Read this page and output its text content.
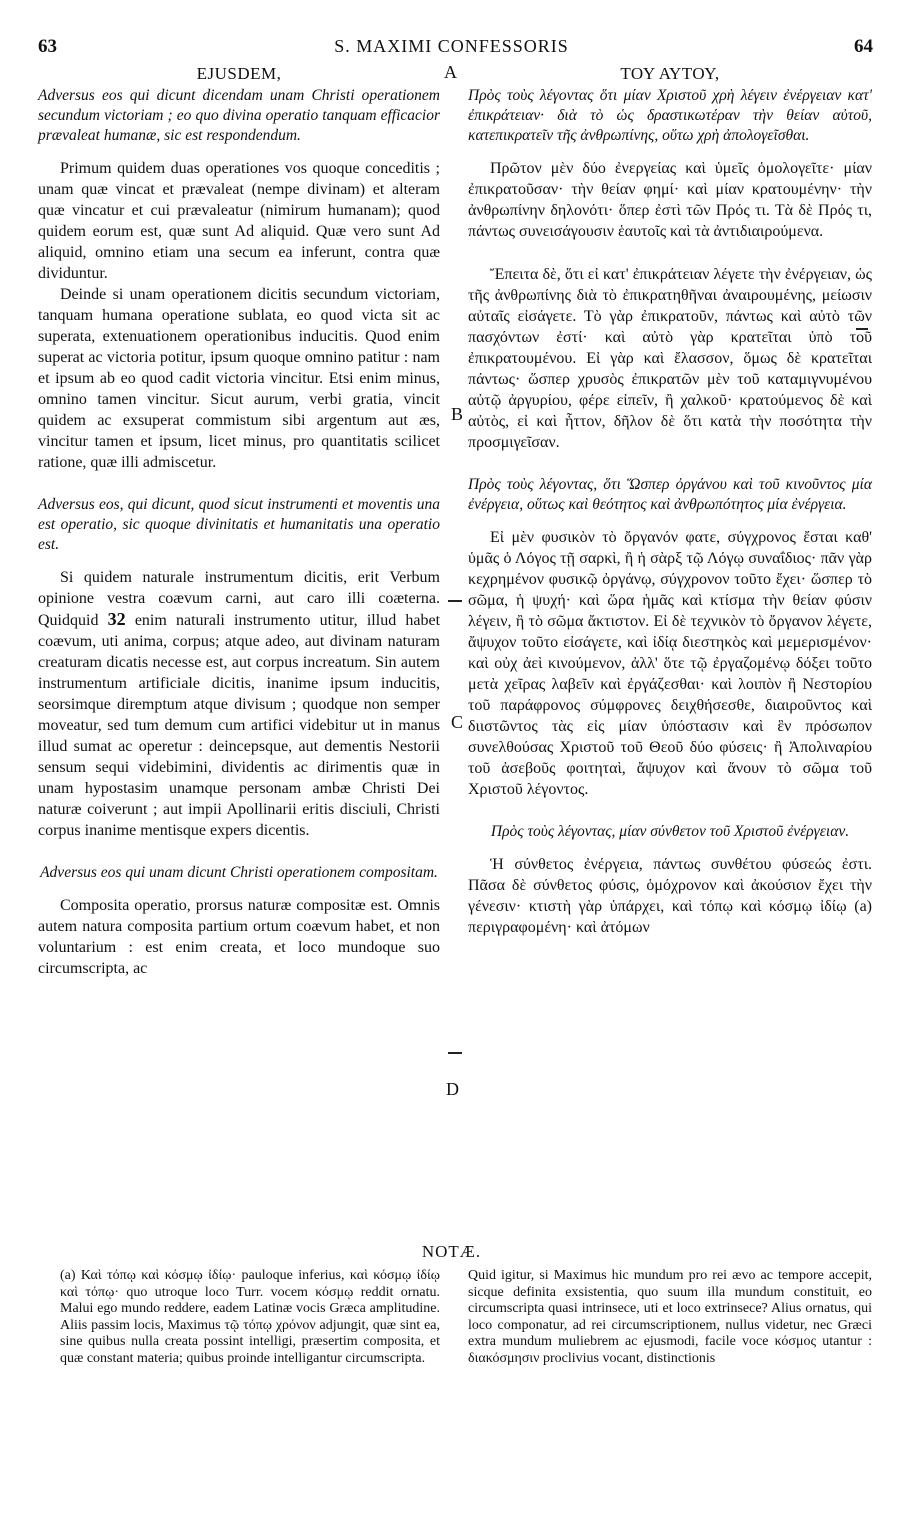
63	S. MAXIMI CONFESSORIS	64
A
B
C
D
EJUSDEM,

Adversus eos qui dicunt dicendam unam Christi operationem secundum victoriam ; eo quo divina operatio tanquam efficacior prævaleat humanæ, sic est respondendum.

Primum quidem duas operationes vos quoque conceditis ; unam quæ vincat et prævaleat (nempe divinam) et alteram quæ vincatur et cui prævaleatur (nimirum humanam); quod quidem eorum est, quæ sunt Ad aliquid. Quæ vero sunt Ad aliquid, omnino etiam una secum ea inferunt, contra quæ dividuntur.

Deinde si unam operationem dicitis secundum victoriam, tanquam humana operatione sublata, eo quod victa sit ac superata, extenuationem operationibus inducitis. Quod enim superat ac victoria potitur, ipsum quoque omnino patitur : nam et ipsum ab eo quod cadit victoria vincitur. Etsi enim minus, omnino tamen vincitur. Sicut aurum, verbi gratia, vincit quidem ac exsuperat commistum sibi argentum aut æs, vincitur tamen et ipsum, licet minus, pro quantitatis scilicet ratione, quæ illi admiscetur.

Adversus eos, qui dicunt, quod sicut instrumenti et moventis una est operatio, sic quoque divinitatis et humanitatis una operatio est.

Si quidem naturale instrumentum dicitis, erit Verbum opinione vestra coævum carni, aut caro illi coæterna. Quidquid 32 enim naturali instrumento utitur, illud habet coævum, uti anima, corpus; atque adeo, aut divinam naturam creaturam dicatis necesse est, aut corpus increatum. Sin autem instrumentum artificiale dicitis, inanime ipsum inducitis, seorsimque diremptum atque divisum ; quodque non semper moveatur, sed tum demum cum artifici videbitur ut in manus illud sumat ac operetur : deincepsque, aut dementis Nestorii sensum sequi videbimini, dividentis ac dirimentis quæ in unam hypostasim unamque personam ambæ Christi Dei naturæ coiverunt ; aut impii Apollinarii eritis disciuli, Christi corpus inanime mentisque expers dicentis.

Adversus eos qui unam dicunt Christi operationem compositam.

Composita operatio, prorsus naturæ compositæ est. Omnis autem natura composita partium ortum coævum habet, et non voluntarium : est enim creata, et loco mundoque suo circumscripta, ac

ΤΟΥ ΑΥΤΟΥ,

Πρὸς τοὺς λέγοντας ὅτι μίαν Χριστοῦ χρὴ λέγειν ἐνέργειαν κατ' ἐπικράτειαν· διὰ τὸ ὡς δραστικωτέραν τὴν θείαν αὐτοῦ, κατεπικρατεῖν τῆς ἀνθρωπίνης, οὕτω χρὴ ἀπολογεῖσθαι.

Πρῶτον μὲν δύο ἐνεργείας καὶ ὑμεῖς ὁμολογεῖτε· μίαν ἐπικρατοῦσαν· τὴν θείαν φημί· καὶ μίαν κρατουμένην· τὴν ἀνθρωπίνην δηλονότι· ὅπερ ἐστὶ τῶν Πρός τι. Τὰ δὲ Πρός τι, πάντως συνεισάγουσιν ἑαυτοῖς καὶ τὰ ἀντιδιαιρούμενα.

Ἔπειτα δὲ, ὅτι εἰ κατ' ἐπικράτειαν λέγετε τὴν ἐνέργειαν, ὡς τῆς ἀνθρωπίνης διὰ τὸ ἐπικρατηθῆναι ἀναιρουμένης, μείωσιν αὐταῖς εἰσάγετε. Τὸ γὰρ ἐπικρατοῦν, πάντως καὶ αὐτὸ τῶν πασχόντων ἐστί· καὶ αὐτὸ γὰρ κρατεῖται ὑπὸ τοῦ ἐπικρατουμένου. Εἰ γὰρ καὶ ἔλασσον, ὅμως δὲ κρατεῖται πάντως· ὥσπερ χρυσὸς ἐπικρατῶν μὲν τοῦ καταμιγνυμένου αὐτῷ ἀργυρίου, φέρε εἰπεῖν, ἢ χαλκοῦ· κρατούμενος δὲ καὶ αὐτὸς, εἰ καὶ ἧττον, δῆλον δὲ ὅτι κατὰ τὴν ποσότητα τὴν προσμιγεῖσαν.

Πρὸς τοὺς λέγοντας, ὅτι Ὥσπερ ὀργάνου καὶ τοῦ κινοῦντος μία ἐνέργεια, οὕτως καὶ θεότητος καὶ ἀνθρωπότητος μία ἐνέργεια.

Εἰ μὲν φυσικὸν τὸ ὄργανόν φατε, σύγχρονος ἔσται καθ' ὑμᾶς ὁ Λόγος τῇ σαρκὶ, ἢ ἡ σὰρξ τῷ Λόγῳ συναΐδιος· πᾶν γὰρ κεχρημένον φυσικῷ ὀργάνῳ, σύγχρονον τοῦτο ἔχει· ὥσπερ τὸ σῶμα, ἡ ψυχή· καὶ ὥρα ἡμᾶς καὶ κτίσμα τὴν θείαν φύσιν λέγειν, ἢ τὸ σῶμα ἄκτιστον. Εἰ δὲ τεχνικὸν τὸ ὄργανον λέγετε, ἄψυχον τοῦτο εἰσάγετε, καὶ ἰδίᾳ διεστηκὸς καὶ μεμερισμένον· καὶ οὐχ ἀεὶ κινούμενον, ἀλλ' ὅτε τῷ ἐργαζομένῳ δόξει τοῦτο μετὰ χεῖρας λαβεῖν καὶ ἐργάζεσθαι· καὶ λοιπὸν ἢ Νεστορίου τοῦ παράφρονος σύμφρονες δειχθήσεσθε, διαιροῦντος καὶ διιστῶντος τὰς εἰς μίαν ὑπόστασιν καὶ ἓν πρόσωπον συνελθούσας Χριστοῦ τοῦ Θεοῦ δύο φύσεις· ἢ Ἀπολιναρίου τοῦ ἀσεβοῦς φοιτηταὶ, ἄψυχον καὶ ἄνουν τὸ σῶμα τοῦ Χριστοῦ λέγοντος.

Πρὸς τοὺς λέγοντας, μίαν σύνθετον τοῦ Χριστοῦ ἐνέργειαν.

Ἡ σύνθετος ἐνέργεια, πάντως συνθέτου φύσεώς ἐστι. Πᾶσα δὲ σύνθετος φύσις, ὁμόχρονον καὶ ἀκούσιον ἔχει τὴν γένεσιν· κτιστὴ γὰρ ὑπάρχει, καὶ τόπῳ καὶ κόσμῳ ἰδίῳ (a) περιγραφομένη· καὶ ἀτόμων

NOTÆ.
(a) Καὶ τόπῳ καὶ κόσμῳ ἰδίῳ· pauloque inferius, καὶ κόσμῳ ἰδίῳ καὶ τόπῳ· quo utroque loco Turr. vocem κόσμῳ reddit ornatu. Malui ego mundo reddere, eadem Latinæ vocis Græca amplitudine. Aliis passim locis, Maximus τῷ τόπῳ χρόνον adjungit, quæ sint ea, sine quibus nulla creata possint intelligi, præsertim composita, et quæ constant materia; quibus proinde intelligantur circumscripta.
Quid igitur, si Maximus hic mundum pro rei ævo ac tempore accepit, sicque definita exsistentia, quo suum illa mundum constituit, eo circumscripta quasi intrinsece, uti et loco extrinsece? Alius ornatus, qui loco componatur, ad rei circumscriptionem, nullus videtur, nec Græci extra mundum muliebrem ac ejusmodi, facile voce κόσμος utantur : διακόσμησιν proclivius vocant, distinctionis
